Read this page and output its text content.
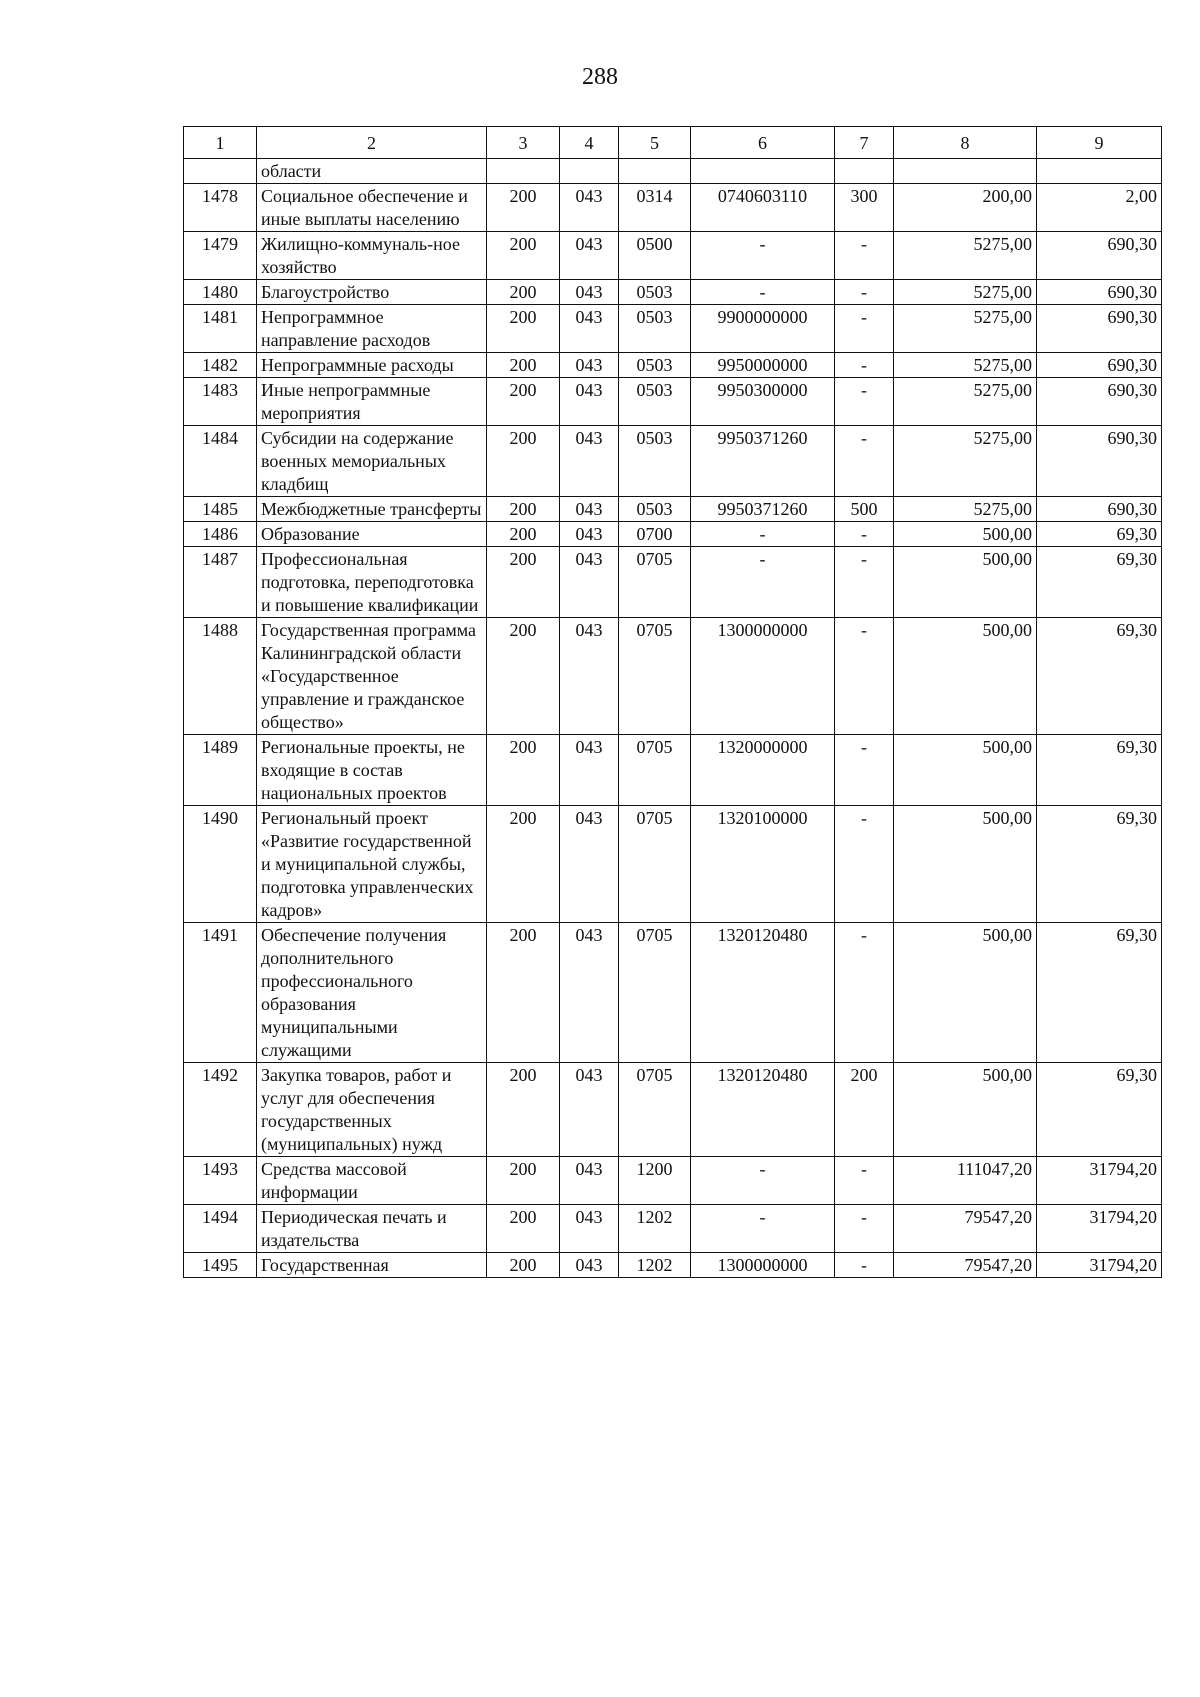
288
1	2	3	4	5	6	7	8	9
	области							
1478	Социальное обеспечение и иные выплаты населению	200	043	0314	0740603110	300	200,00	2,00
1479	Жилищно-коммуналь-ное хозяйство	200	043	0500	-	-	5275,00	690,30
1480	Благоустройство	200	043	0503	-	-	5275,00	690,30
1481	Непрограммное направление расходов	200	043	0503	9900000000	-	5275,00	690,30
1482	Непрограммные расходы	200	043	0503	9950000000	-	5275,00	690,30
1483	Иные непрограммные мероприятия	200	043	0503	9950300000	-	5275,00	690,30
1484	Субсидии на содержание военных мемориальных кладбищ	200	043	0503	9950371260	-	5275,00	690,30
1485	Межбюджетные трансферты	200	043	0503	9950371260	500	5275,00	690,30
1486	Образование	200	043	0700	-	-	500,00	69,30
1487	Профессиональная подготовка, переподготовка и повышение квалификации	200	043	0705	-	-	500,00	69,30
1488	Государственная программа Калининградской области «Государственное управление и гражданское общество»	200	043	0705	1300000000	-	500,00	69,30
1489	Региональные проекты, не входящие в состав национальных проектов	200	043	0705	1320000000	-	500,00	69,30
1490	Региональный проект «Развитие государственной и муниципальной службы, подготовка управленческих кадров»	200	043	0705	1320100000	-	500,00	69,30
1491	Обеспечение получения дополнительного профессионального образования муниципальными служащими	200	043	0705	1320120480	-	500,00	69,30
1492	Закупка товаров, работ и услуг для обеспечения государственных (муниципальных) нужд	200	043	0705	1320120480	200	500,00	69,30
1493	Средства массовой информации	200	043	1200	-	-	111047,20	31794,20
1494	Периодическая печать и издательства	200	043	1202	-	-	79547,20	31794,20
1495	Государственная	200	043	1202	1300000000	-	79547,20	31794,20
